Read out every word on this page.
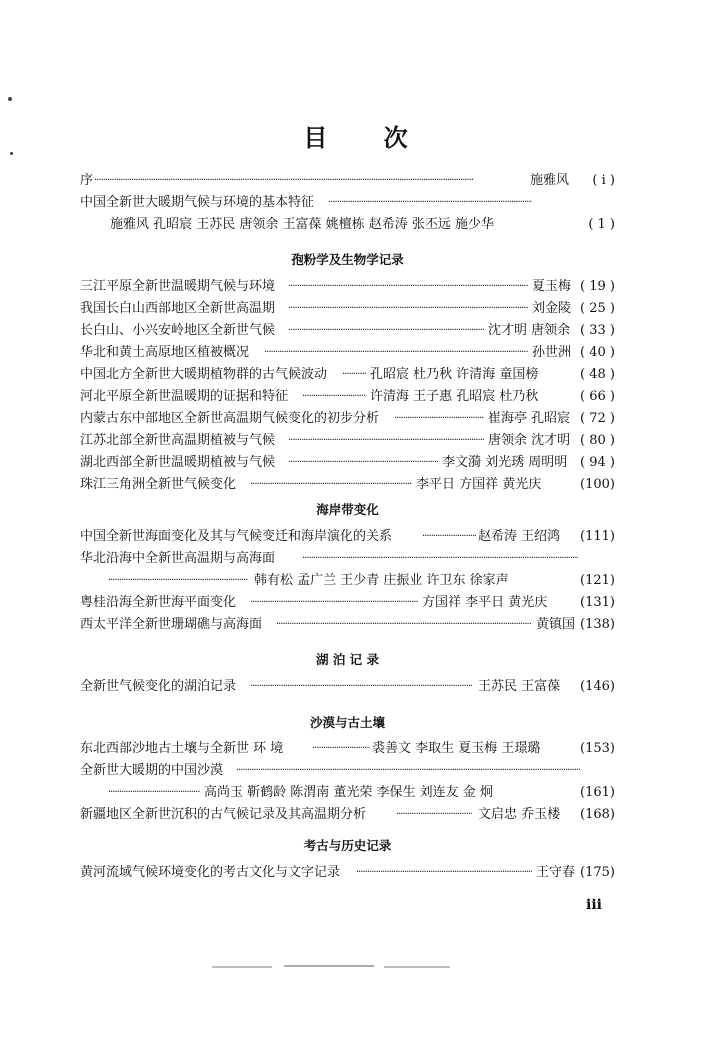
目 次
序 ·····	施雅风 ( i )
中国全新世大暖期气候与环境的基本特征
·····
施雅风 孔昭宸 王苏民 唐领余 王富葆 姚檀栋 赵希涛 张丕远 施少华	( 1 )
孢粉学及生物学记录
三江平原全新世温暖期气候与环境 ·····	夏玉梅 ( 19 )
我国长白山西部地区全新世高温期 ·····	刘金陵 ( 25 )
长白山、小兴安岭地区全新世气候 ·····	沈才明 唐领余 ( 33 )
华北和黄土高原地区植被概况 ·····	孙世洲 ( 40 )
中国北方全新世大暖期植物群的古气候波动 ·····	孔昭宸 杜乃秋 许清海 童国榜	( 48 )
河北平原全新世温暖期的证据和特征 ·····	许清海 王子惠 孔昭宸 杜乃秋	( 66 )
内蒙古东中部地区全新世高温期气候变化的初步分析 ·····	崔海亭 孔昭宸 ( 72 )
江苏北部全新世高温期植被与气候 ·····	唐领余 沈才明 ( 80 )
湖北西部全新世温暖期植被与气候 ·····	李文漪 刘光琇 周明明 ( 94 )
珠江三角洲全新世气候变化 ·····	李平日 方国祥 黄光庆	(100)
海岸带变化
中国全新世海面变化及其与气候变迁和海岸演化的关系 ·····	赵希涛 王绍鸿 (111)
华北沿海中全新世高温期与高海面
·····
·····
韩有松 孟广兰 王少青 庄振业 许卫东 徐家声	(121)
粤桂沿海全新世海平面变化 ·····	方国祥 李平日 黄光庆	(131)
西太平洋全新世珊瑚礁与高海面 ·····	黄镇国 (138)
湖 泊 记 录
全新世气候变化的湖泊记录 ·····	王苏民 王富葆 (146)
沙漠与古土壤
东北西部沙地古土壤与全新世 环 境 ·····	裘善文 李取生 夏玉梅 王璟璐	(153)
全新世大暖期的中国沙漠
·····
·····
高尚玉 靳鹤龄 陈渭南 董光荣 李保生 刘连友 金 炯	(161)
新疆地区全新世沉积的古气候记录及其高温期分析 ·····	文启忠 乔玉楼 (168)
考古与历史记录
黄河流域气候环境变化的考古文化与文字记录 ·····	王守春 (175)
iii
